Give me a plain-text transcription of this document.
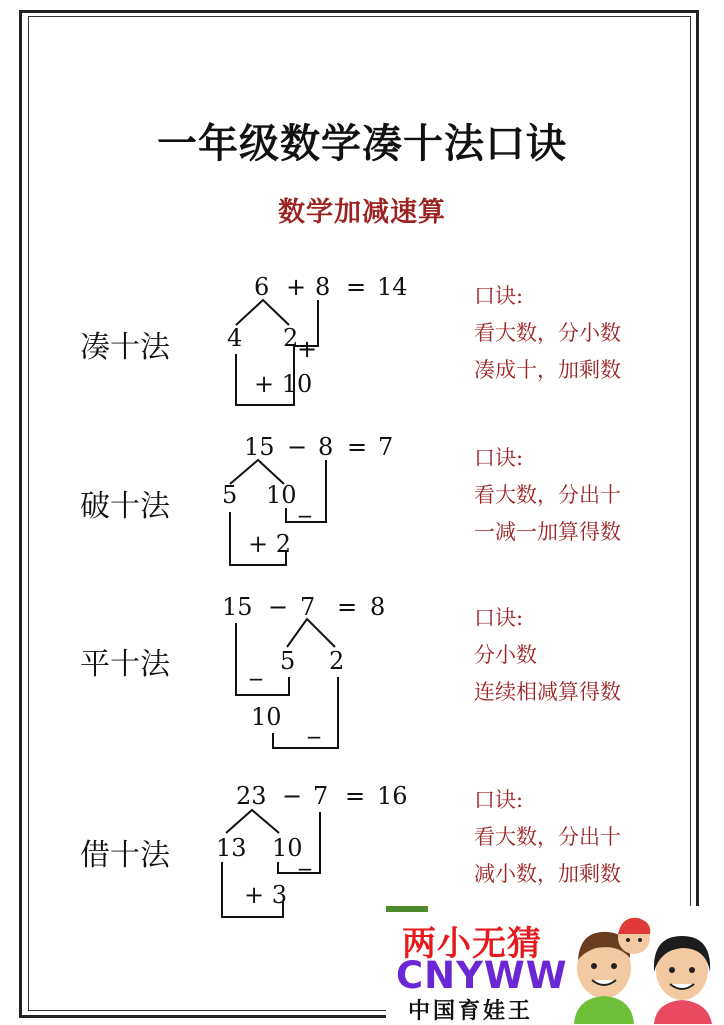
一年级数学凑十法口诀
数学加减速算
凑十法
破十法
平十法
借十法
口诀:
看大数，分小数
凑成十，加剩数
口诀:
看大数，分出十
一减一加算得数
口诀:
分小数
连续相减算得数
口诀:
看大数，分出十
减小数，加剩数
6 + 8 = 14
4 2
+
+ 10
15 − 8 = 7
5 10 _
+ 2
15 − 7 = 8
5
_	2
10 _
23 − 7 = 16
13 10
_
+ 3
两小无猜
CNYWW
中国育娃王
